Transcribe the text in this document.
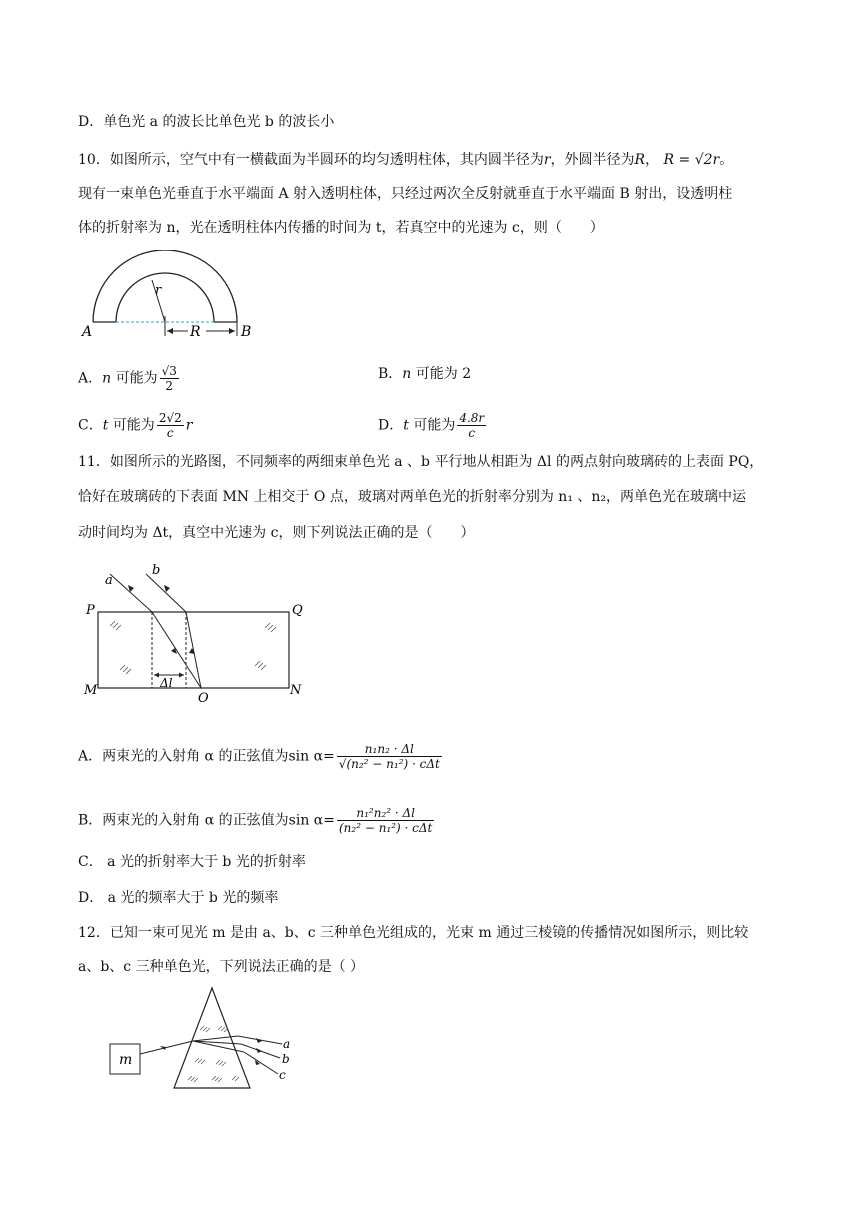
D．单色光 a 的波长比单色光 b 的波长小
10．如图所示，空气中有一横截面为半圆环的均匀透明柱体，其内圆半径为r，外圆半径为R， R = √2r。
现有一束单色光垂直于水平端面 A 射入透明柱体，只经过两次全反射就垂直于水平端面 B 射出，设透明柱
体的折射率为 n，光在透明柱体内传播的时间为 t，若真空中的光速为 c，则（　　）
A	B
r
R
A．n 可能为 $\frac{√3}{2}$	B．n 可能为 2
C．t 可能为 $\frac{2√2}{c}$ r	D．t 可能为 $\frac{4.8r}{c}$
11．如图所示的光路图，不同频率的两细束单色光 a 、b 平行地从相距为 Δl 的两点射向玻璃砖的上表面 PQ，
恰好在玻璃砖的下表面 MN 上相交于 O 点，玻璃对两单色光的折射率分别为 n₁ 、n₂，两单色光在玻璃中运
动时间均为 Δt，真空中光速为 c，则下列说法正确的是（　　）
a
b
P	Q
M	N
O
Δl
A．两束光的入射角 α 的正弦值为$\sin \alpha= \frac{\text{n₁n₂ · Δl}}{\text{√(n₂² − n₁²) · cΔt}}$
B．两束光的入射角 α 的正弦值为$\sin \alpha= \frac{\text{n₁²n₂² · Δl}}{\text{(n₂² − n₁²) · cΔt}}$
C． a 光的折射率大于 b 光的折射率
D． a 光的频率大于 b 光的频率
12．已知一束可见光 m 是由 a、b、c 三种单色光组成的，光束 m 通过三棱镜的传播情况如图所示，则比较
a、b、c 三种单色光，下列说法正确的是（ ）
m
a
b
c
